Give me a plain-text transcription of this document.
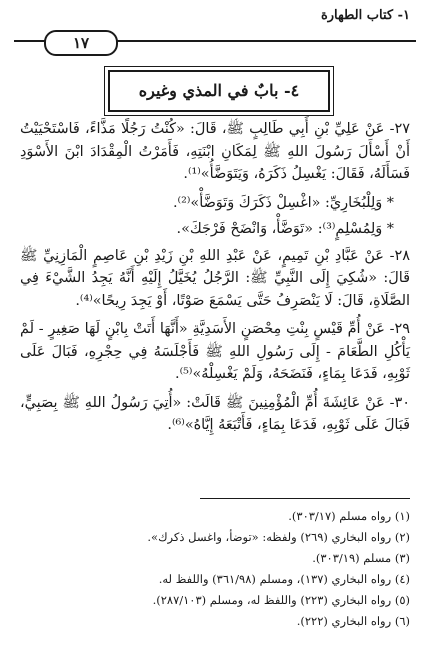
١- كتاب الطهارة
١٧
٤- بابٌ في المذي وغيره

٢٧- عَنْ عَلِيِّ بْنِ أَبِي طَالِبٍ ﷺ، قَالَ: «كُنْتُ رَجُلًا مَذَّاءً، فَاسْتَحْيَيْتُ أَنْ أَسْأَلَ رَسُولَ اللهِ ﷺ لِمَكَانِ ابْنَتِهِ، فَأَمَرْتُ الْمِقْدَادَ ابْنَ الأَسْوَدِ فَسَأَلَهُ، فَقَالَ: يَغْسِلُ ذَكَرَهُ، وَيَتَوَضَّأُ»⁽¹⁾.

* وَلِلْبُخَارِيِّ: «اغْسِلْ ذَكَرَكَ وَتَوَضَّأْ»⁽²⁾.

* وَلِمُسْلِمٍ⁽³⁾: «تَوَضَّأْ، وَانْضَحْ فَرْجَكَ».

٢٨- عَنْ عَبَّادِ بْنِ تَمِيمٍ، عَنْ عَبْدِ اللهِ بْنِ زَيْدِ بْنِ عَاصِمٍ الْمَازِنِيِّ ﷺ قَالَ: «شُكِيَ إِلَى النَّبِيِّ ﷺ: الرَّجُلُ يُخَيَّلُ إِلَيْهِ أَنَّهُ يَجِدُ الشَّيْءَ فِي الصَّلَاةِ، قَالَ: لَا يَنْصَرِفُ حَتَّى يَسْمَعَ صَوْتًا، أَوْ يَجِدَ رِيحًا»⁽⁴⁾.

٢٩- عَنْ أُمِّ قَيْسٍ بِنْتِ مِحْصَنٍ الأَسَدِيَّةِ «أَنَّهَا أَتَتْ بِابْنٍ لَهَا صَغِيرٍ - لَمْ يَأْكُلِ الطَّعَامَ - إِلَى رَسُولِ اللهِ ﷺ فَأَجْلَسَهُ فِي حِجْرِهِ، فَبَالَ عَلَى ثَوْبِهِ، فَدَعَا بِمَاءٍ، فَنَضَحَهُ، وَلَمْ يَغْسِلْهُ»⁽⁵⁾.

٣٠- عَنْ عَائِشَةَ أُمِّ الْمُؤْمِنِينَ ﷺ قَالَتْ: «أُتِيَ رَسُولُ اللهِ ﷺ بِصَبِيٍّ، فَبَالَ عَلَى ثَوْبِهِ، فَدَعَا بِمَاءٍ، فَأَتْبَعَهُ إِيَّاهُ»⁽⁶⁾.

(١) رواه مسلم (٣٠٣/١٧).
(٢) رواه البخاري (٢٦٩) ولفظه: «توضأ، واغسل ذكرك».
(٣) مسلم (٣٠٣/١٩).
(٤) رواه البخاري (١٣٧)، ومسلم (٣٦١/٩٨) واللفظ له.
(٥) رواه البخاري (٢٢٣) واللفظ له، ومسلم (٢٨٧/١٠٣).
(٦) رواه البخاري (٢٢٢).
